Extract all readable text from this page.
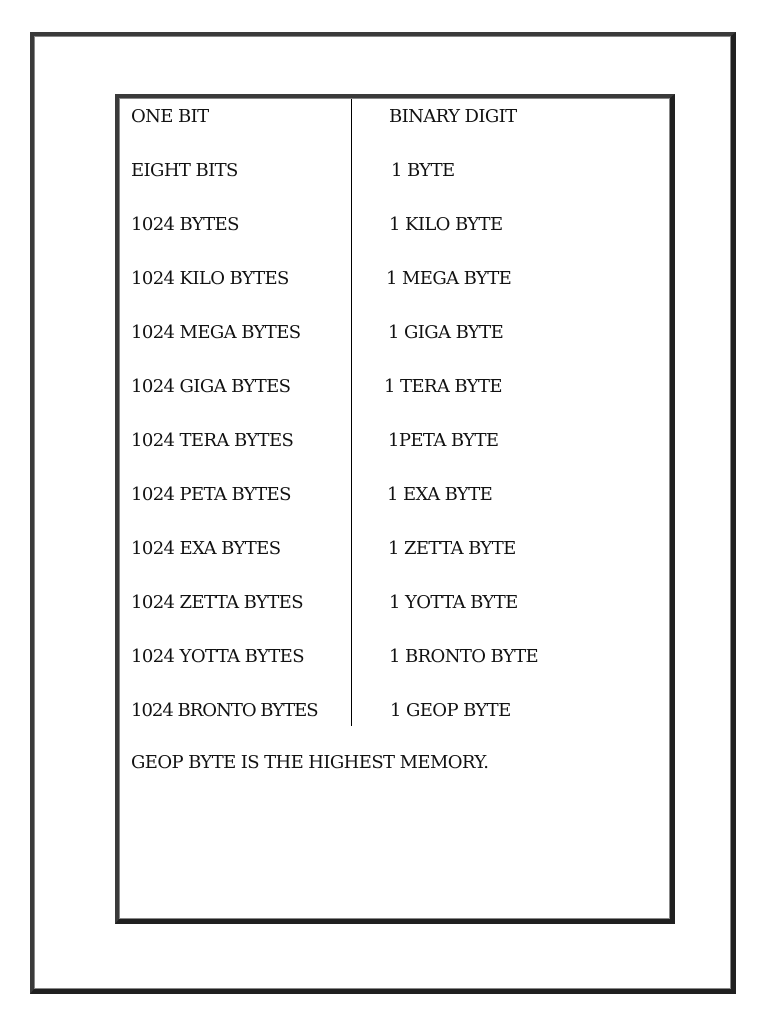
ONE BIT	BINARY DIGIT
EIGHT BITS	1 BYTE
1024 BYTES	1 KILO BYTE
1024 KILO BYTES	1 MEGA BYTE
1024 MEGA BYTES	1 GIGA BYTE
1024 GIGA BYTES	1 TERA BYTE
1024 TERA BYTES	1PETA BYTE
1024 PETA BYTES	1 EXA BYTE
1024 EXA BYTES	1 ZETTA BYTE
1024 ZETTA BYTES	1 YOTTA BYTE
1024 YOTTA BYTES	1 BRONTO BYTE
1024 BRONTO BYTES	1 GEOP BYTE
GEOP BYTE IS THE HIGHEST MEMORY.
